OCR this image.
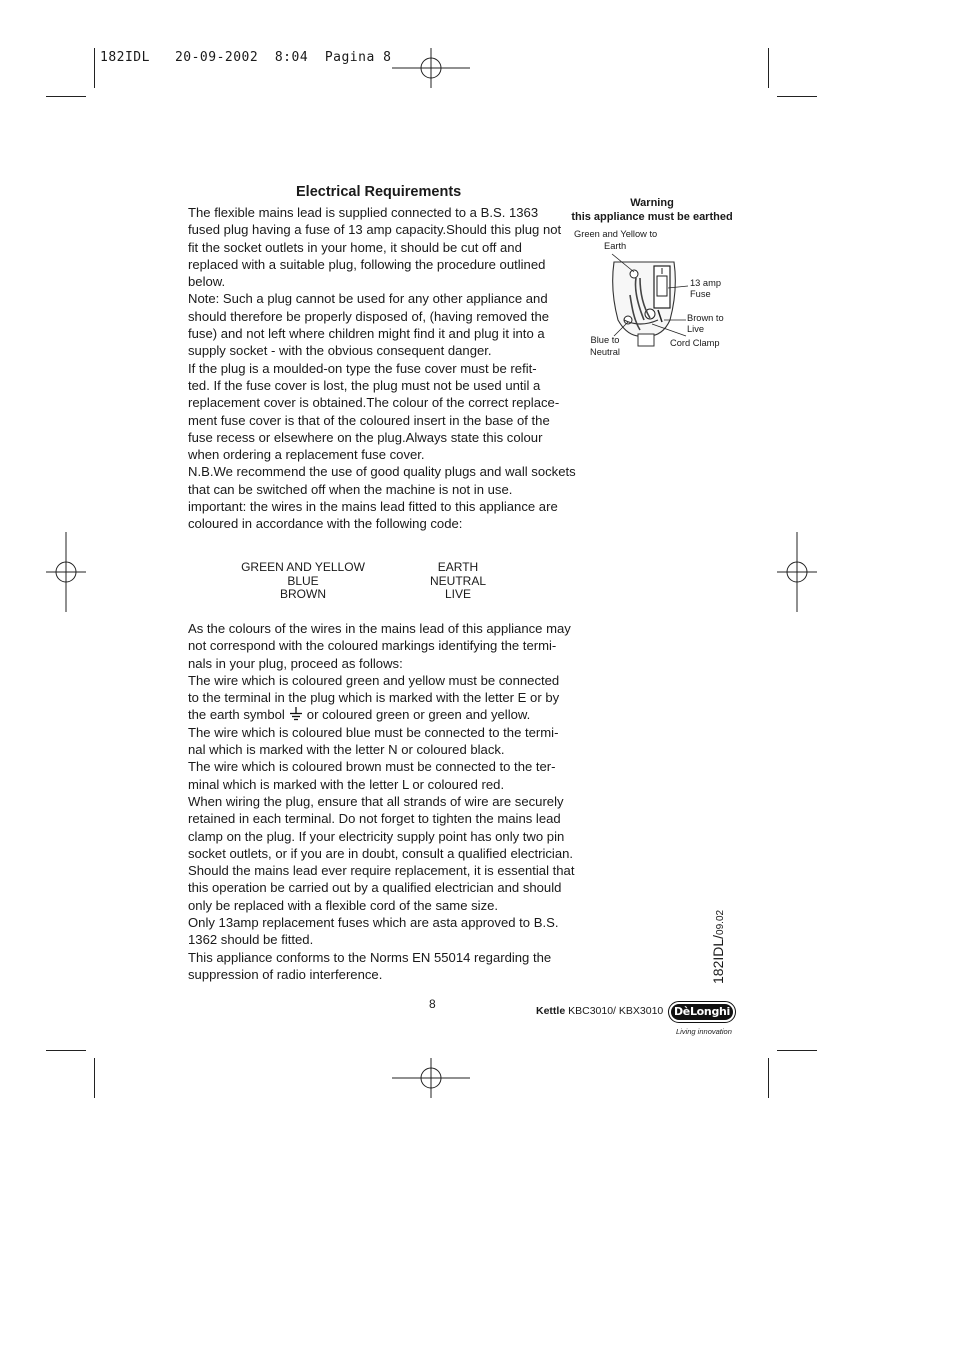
182IDL   20-09-2002  8:04  Pagina 8
Electrical Requirements

The flexible mains lead is supplied connected to a B.S. 1363

fused plug having a fuse of 13 amp capacity.Should this plug not

fit the socket outlets in your home, it should be cut off and

replaced with a suitable plug, following the procedure outlined

below.

Note: Such a plug cannot be used for any other appliance and

should therefore be properly disposed of, (having removed the

fuse) and not left where children might find it and plug it into a

supply socket - with the obvious consequent danger.

If the plug is a moulded-on type the fuse cover must be refit-

ted. If the fuse cover is lost, the plug must not be used until a

replacement cover is obtained.The colour of the correct replace-

ment fuse cover is that of the coloured insert in the base of the

fuse recess or elsewhere on the plug.Always state this colour

when ordering a replacement fuse cover.

N.B.We recommend the use of good quality plugs and wall sockets

that can be switched off when the machine is not in use.

important: the wires in the mains lead fitted to this appliance are

coloured in accordance with the following code:

GREEN AND YELLOW	EARTH
BLUE	NEUTRAL
BROWN	LIVE

As the colours of the wires in the mains lead of this appliance may

not correspond with the coloured markings identifying the termi-

nals in your plug, proceed as follows:

The wire which is coloured green and yellow must be connected

to the terminal in the plug which is marked with the letter E or by

the earth symbol or coloured green or green and yellow.

The wire which is coloured blue must be connected to the termi-

nal which is marked with the letter N or coloured black.

The wire which is coloured brown must be connected to the ter-

minal which is marked with the letter L or coloured red.

When wiring the plug, ensure that all strands of wire are securely

retained in each terminal. Do not forget to tighten the mains lead

clamp on the plug. If your electricity supply point has only two pin

socket outlets, or if you are in doubt, consult a qualified electrician.

Should the mains lead ever require replacement, it is essential that

this operation be carried out by a qualified electrician and should

only be replaced with a flexible cord of the same size.

Only 13amp replacement fuses which are asta approved to B.S.

1362 should be fitted.

This appliance conforms to the Norms EN 55014 regarding the

suppression of radio interference.

Warning
this appliance must be earthed
Green and Yellow to
Earth
13 amp
Fuse
Brown to
Live
Blue to
Neutral
Cord Clamp
8
182IDL/09.02
Kettle KBC3010/ KBX3010 DèLonghi
Living innovation
